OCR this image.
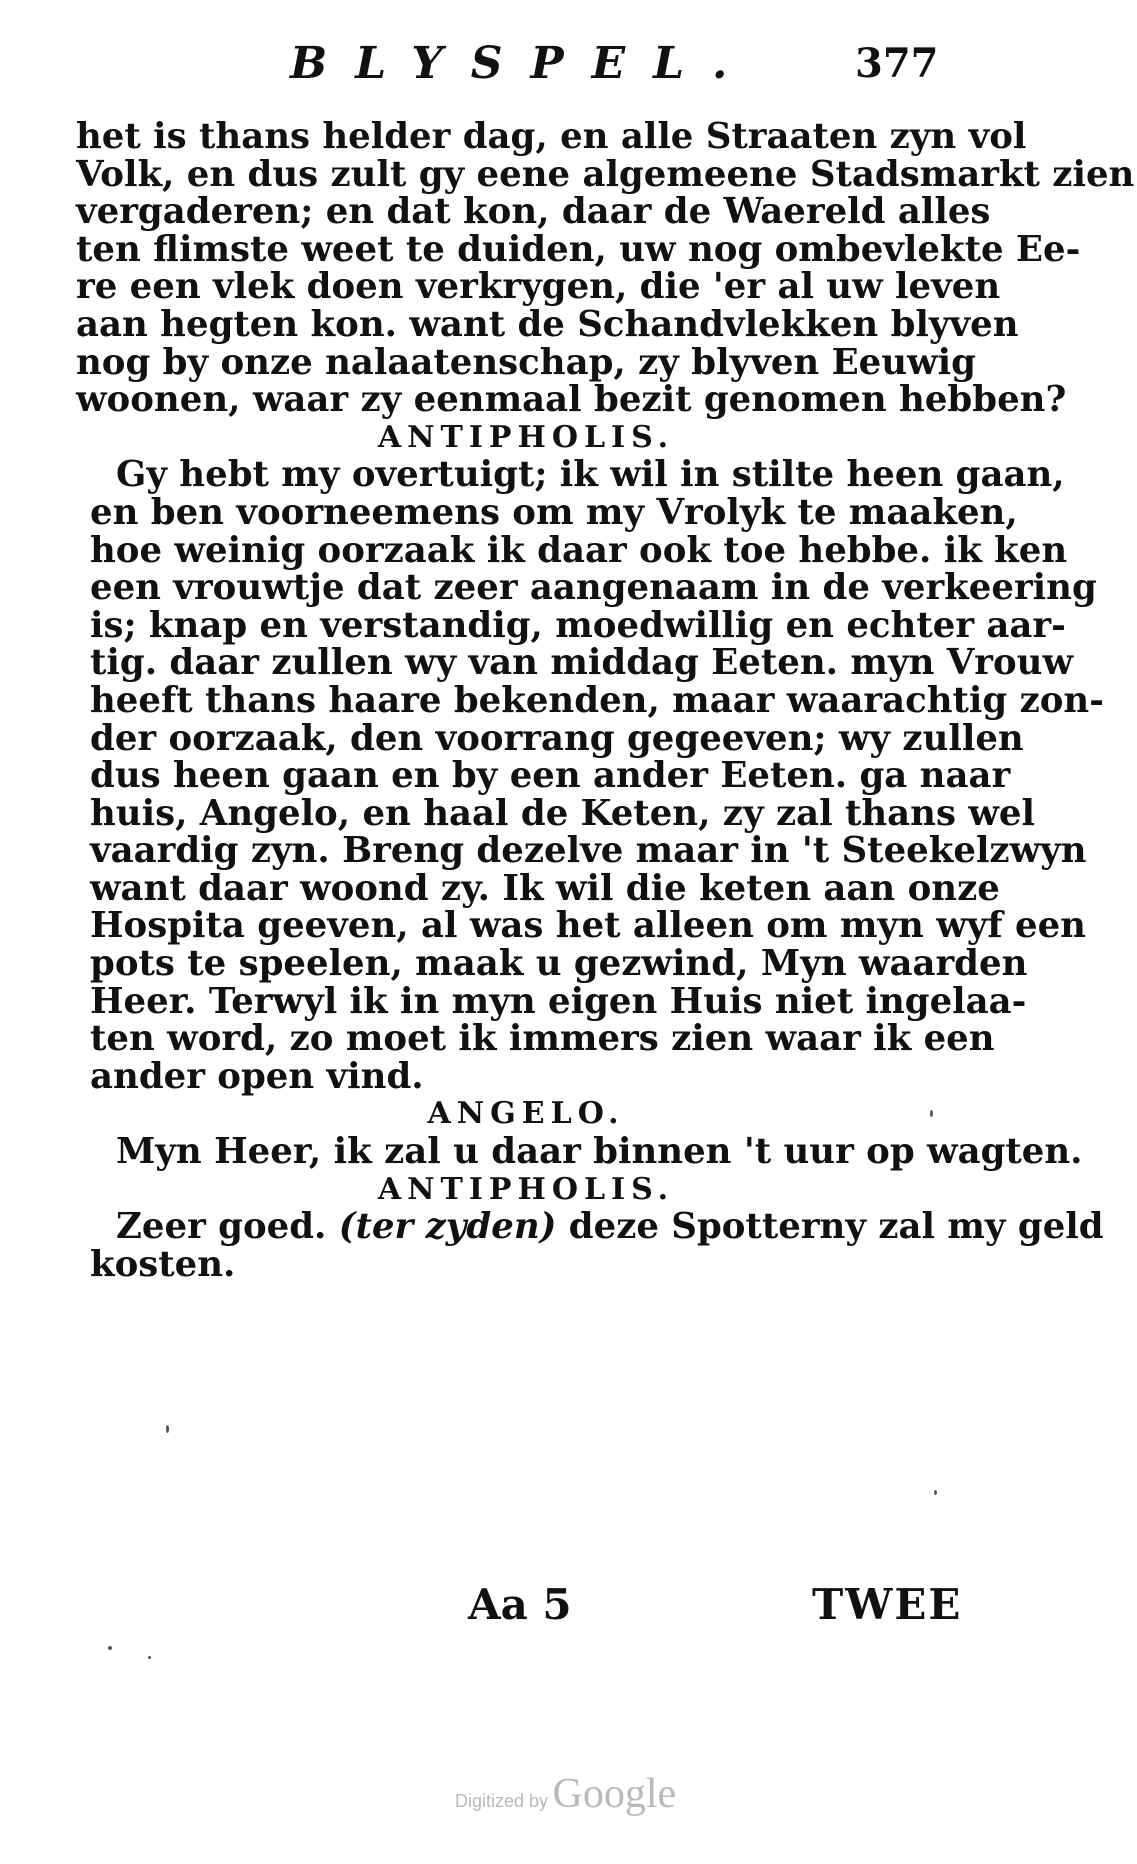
BLYSPEL. 377
het is thans helder dag, en alle Straaten zyn vol
Volk, en dus zult gy eene algemeene Stadsmarkt zien
vergaderen; en dat kon, daar de Waereld alles
ten flimste weet te duiden, uw nog ombevlekte Ee-
re een vlek doen verkrygen, die 'er al uw leven
aan hegten kon. want de Schandvlekken blyven
nog by onze nalaatenschap, zy blyven Eeuwig
woonen, waar zy eenmaal bezit genomen hebben?
ANTIPHOLIS.
Gy hebt my overtuigt; ik wil in stilte heen gaan,
en ben voorneemens om my Vrolyk te maaken,
hoe weinig oorzaak ik daar ook toe hebbe. ik ken
een vrouwtje dat zeer aangenaam in de verkeering
is; knap en verstandig, moedwillig en echter aar-
tig. daar zullen wy van middag Eeten. myn Vrouw
heeft thans haare bekenden, maar waarachtig zon-
der oorzaak, den voorrang gegeeven; wy zullen
dus heen gaan en by een ander Eeten. ga naar
huis, Angelo, en haal de Keten, zy zal thans wel
vaardig zyn. Breng dezelve maar in 't Steekelzwyn
want daar woond zy. Ik wil die keten aan onze
Hospita geeven, al was het alleen om myn wyf een
pots te speelen, maak u gezwind, Myn waarden
Heer. Terwyl ik in myn eigen Huis niet ingelaa-
ten word, zo moet ik immers zien waar ik een
ander open vind.
ANGELO.
Myn Heer, ik zal u daar binnen 't uur op wagten.
ANTIPHOLIS.
Zeer goed. (ter zyden) deze Spotterny zal my geld
kosten.
Aa 5	TWEE
Digitized by Google
